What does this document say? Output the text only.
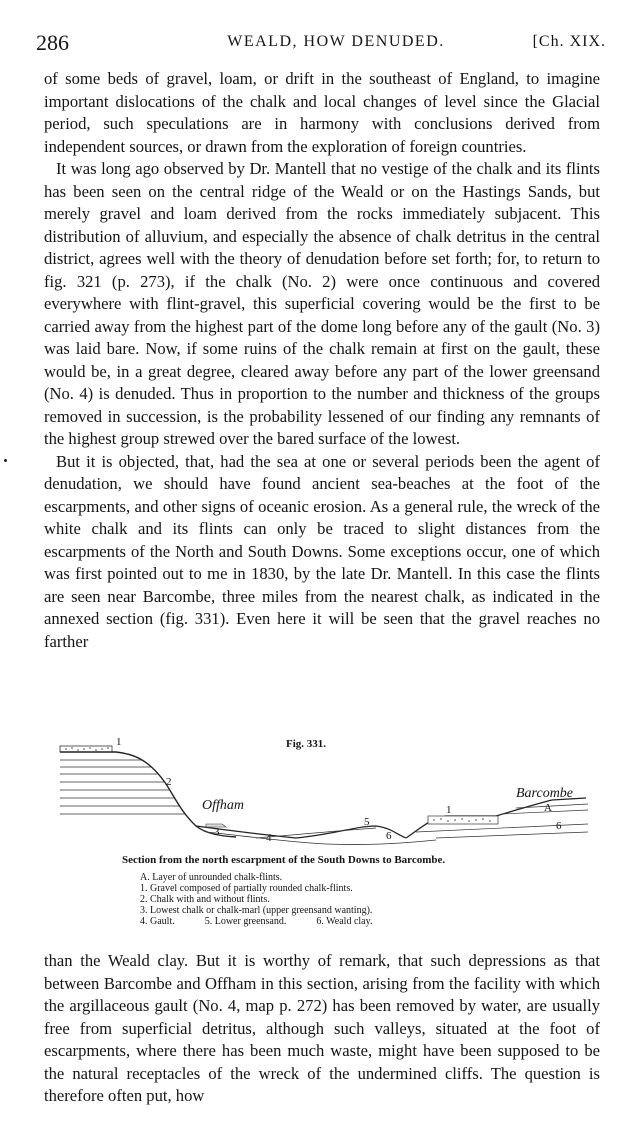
286	WEALD, HOW DENUDED.	[Ch. XIX.

of some beds of gravel, loam, or drift in the southeast of England, to imagine important dislocations of the chalk and local changes of level since the Glacial period, such speculations are in harmony with conclusions derived from independent sources, or drawn from the exploration of foreign countries.

It was long ago observed by Dr. Mantell that no vestige of the chalk and its flints has been seen on the central ridge of the Weald or on the Hastings Sands, but merely gravel and loam derived from the rocks immediately subjacent. This distribution of alluvium, and especially the absence of chalk detritus in the central district, agrees well with the theory of denudation before set forth; for, to return to fig. 321 (p. 273), if the chalk (No. 2) were once continuous and covered everywhere with flint-gravel, this superficial covering would be the first to be carried away from the highest part of the dome long before any of the gault (No. 3) was laid bare. Now, if some ruins of the chalk remain at first on the gault, these would be, in a great degree, cleared away before any part of the lower greensand (No. 4) is denuded. Thus in proportion to the number and thickness of the groups removed in succession, is the probability lessened of our finding any remnants of the highest group strewed over the bared surface of the lowest.

But it is objected, that, had the sea at one or several periods been the agent of denudation, we should have found ancient sea-beaches at the foot of the escarpments, and other signs of oceanic erosion. As a general rule, the wreck of the white chalk and its flints can only be traced to slight distances from the escarpments of the North and South Downs. Some exceptions occur, one of which was first pointed out to me in 1830, by the late Dr. Mantell. In this case the flints are seen near Barcombe, three miles from the nearest chalk, as indicated in the annexed section (fig. 331). Even here it will be seen that the gravel reaches no farther

Fig. 331.
1
2
Offham
3	4
5
6
1
Barcombe
A
6
Section from the north escarpment of the South Downs to Barcombe.
A. Layer of unrounded chalk-flints.
1. Gravel composed of partially rounded chalk-flints.
2. Chalk with and without flints.
3. Lowest chalk or chalk-marl (upper greensand wanting).
4. Gault.            5. Lower greensand.            6. Weald clay.

than the Weald clay. But it is worthy of remark, that such depressions as that between Barcombe and Offham in this section, arising from the facility with which the argillaceous gault (No. 4, map p. 272) has been removed by water, are usually free from superficial detritus, although such valleys, situated at the foot of escarpments, where there has been much waste, might have been supposed to be the natural receptacles of the wreck of the undermined cliffs. The question is therefore often put, how
